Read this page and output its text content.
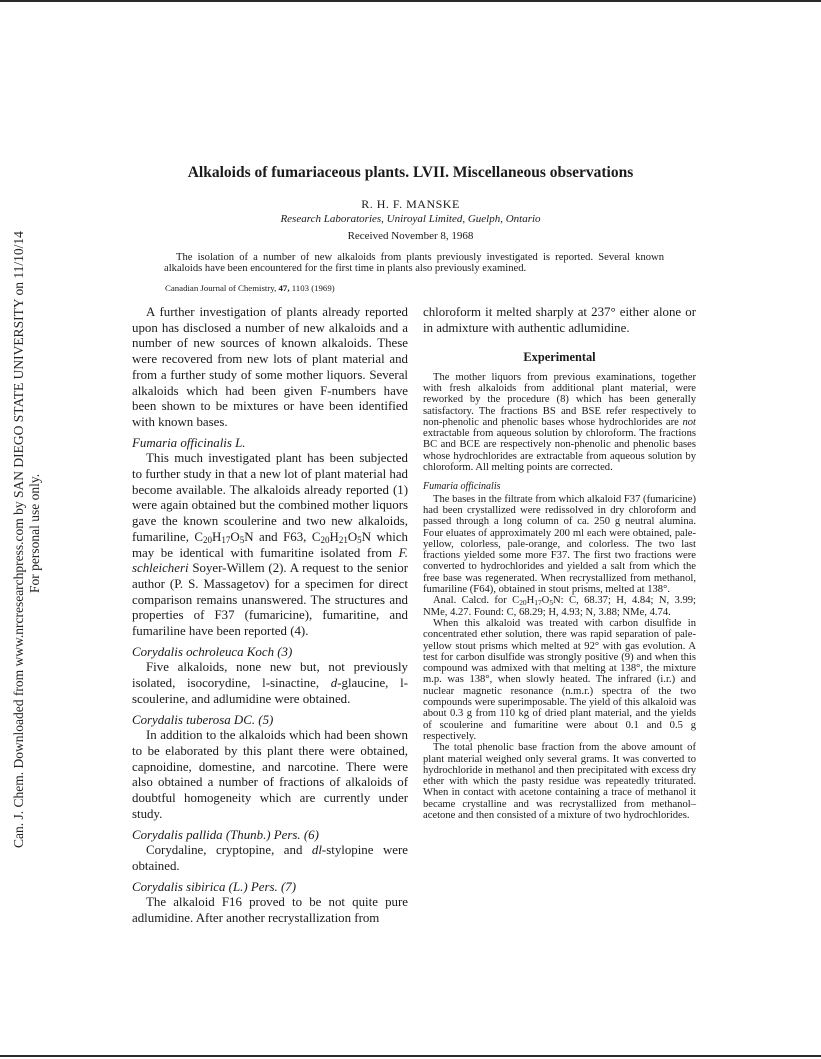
Can. J. Chem. Downloaded from www.nrcresearchpress.com by SAN DIEGO STATE UNIVERSITY on 11/10/14 For personal use only.
Alkaloids of fumariaceous plants. LVII. Miscellaneous observations

R. H. F. MANSKE

Research Laboratories, Uniroyal Limited, Guelph, Ontario

Received November 8, 1968

The isolation of a number of new alkaloids from plants previously investigated is reported. Several known alkaloids have been encountered for the first time in plants also previously examined.

Canadian Journal of Chemistry, 47, 1103 (1969)

A further investigation of plants already reported upon has disclosed a number of new alkaloids and a number of new sources of known alkaloids. These were recovered from new lots of plant material and from a further study of some mother liquors. Several alkaloids which had been given F-numbers have been shown to be mixtures or have been identified with known bases.

Fumaria officinalis L.

This much investigated plant has been subjected to further study in that a new lot of plant material had become available. The alkaloids already reported (1) were again obtained but the combined mother liquors gave the known scoulerine and two new alkaloids, fumariline, $C_{20}H_{17}O_5N$ and F63, $C_{20}H_{21}O_5N$ which may be identical with fumaritine isolated from F. schleicheri Soyer-Willem (2). A request to the senior author (P. S. Massagetov) for a specimen for direct comparison remains unanswered. The structures and properties of F37 (fumaricine), fumaritine, and fumariline have been reported (4).

Corydalis ochroleuca Koch (3)

Five alkaloids, none new but, not previously isolated, isocorydine, l-sinactine, d-glaucine, l-scoulerine, and adlumidine were obtained.

Corydalis tuberosa DC. (5)

In addition to the alkaloids which had been shown to be elaborated by this plant there were obtained, capnoidine, domestine, and narcotine. There were also obtained a number of fractions of alkaloids of doubtful homogeneity which are currently under study.

Corydalis pallida (Thunb.) Pers. (6)

Corydaline, cryptopine, and dl-stylopine were obtained.

Corydalis sibirica (L.) Pers. (7)

The alkaloid F16 proved to be not quite pure adlumidine. After another recrystallization from

chloroform it melted sharply at 237° either alone or in admixture with authentic adlumidine.

Experimental

The mother liquors from previous examinations, together with fresh alkaloids from additional plant material, were reworked by the procedure (8) which has been generally satisfactory. The fractions BS and BSE refer respectively to non-phenolic and phenolic bases whose hydrochlorides are not extractable from aqueous solution by chloroform. The fractions BC and BCE are respectively non-phenolic and phenolic bases whose hydrochlorides are extractable from aqueous solution by chloroform. All melting points are corrected.

Fumaria officinalis

The bases in the filtrate from which alkaloid F37 (fumaricine) had been crystallized were redissolved in dry chloroform and passed through a long column of ca. 250 g neutral alumina. Four eluates of approximately 200 ml each were obtained, pale-yellow, colorless, pale-orange, and colorless. The two last fractions yielded some more F37. The first two fractions were converted to hydrochlorides and yielded a salt from which the free base was regenerated. When recrystallized from methanol, fumariline (F64), obtained in stout prisms, melted at 138°.

Anal. Calcd. for $C_{20}H_{17}O_5N$: C, 68.37; H, 4.84; N, 3.99; NMe, 4.27. Found: C, 68.29; H, 4.93; N, 3.88; NMe, 4.74.

When this alkaloid was treated with carbon disulfide in concentrated ether solution, there was rapid separation of pale-yellow stout prisms which melted at 92° with gas evolution. A test for carbon disulfide was strongly positive (9) and when this compound was admixed with that melting at 138°, the mixture m.p. was 138°, when slowly heated. The infrared (i.r.) and nuclear magnetic resonance (n.m.r.) spectra of the two compounds were superimposable. The yield of this alkaloid was about 0.3 g from 110 kg of dried plant material, and the yields of scoulerine and fumaritine were about 0.1 and 0.5 g respectively.

The total phenolic base fraction from the above amount of plant material weighed only several grams. It was converted to hydrochloride in methanol and then precipitated with excess dry ether with which the pasty residue was repeatedly triturated. When in contact with acetone containing a trace of methanol it became crystalline and was recrystallized from methanol–acetone and then consisted of a mixture of two hydrochlorides.
